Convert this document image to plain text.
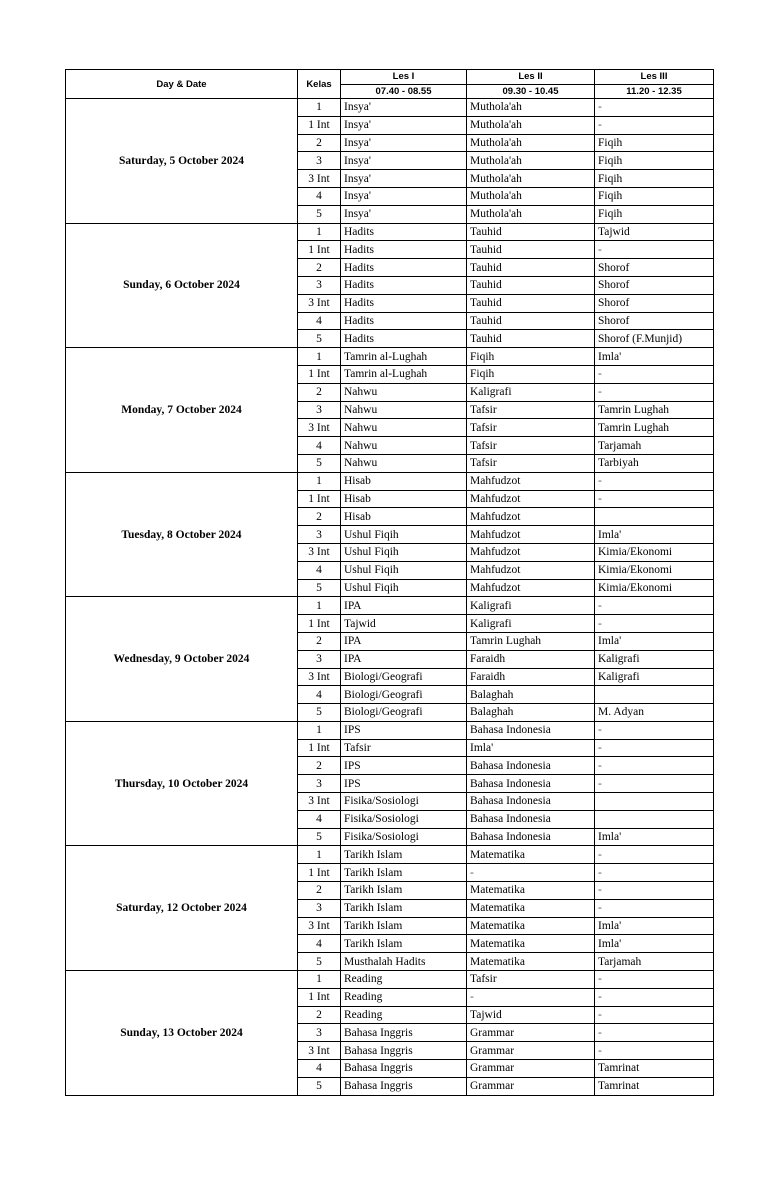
Day & Date	Kelas	Les I	Les II	Les III
		07.40 - 08.55	09.30 - 10.45	11.20 - 12.35
Saturday, 5 October 2024	1	Insya'	Muthola'ah	-
	1 Int	Insya'	Muthola'ah	-
	2	Insya'	Muthola'ah	Fiqih
	3	Insya'	Muthola'ah	Fiqih
	3 Int	Insya'	Muthola'ah	Fiqih
	4	Insya'	Muthola'ah	Fiqih
	5	Insya'	Muthola'ah	Fiqih
Sunday, 6 October 2024	1	Hadits	Tauhid	Tajwid
	1 Int	Hadits	Tauhid	-
	2	Hadits	Tauhid	Shorof
	3	Hadits	Tauhid	Shorof
	3 Int	Hadits	Tauhid	Shorof
	4	Hadits	Tauhid	Shorof
	5	Hadits	Tauhid	Shorof (F.Munjid)
Monday, 7 October 2024	1	Tamrin al-Lughah	Fiqih	Imla'
	1 Int	Tamrin al-Lughah	Fiqih	-
	2	Nahwu	Kaligrafi	-
	3	Nahwu	Tafsir	Tamrin Lughah
	3 Int	Nahwu	Tafsir	Tamrin Lughah
	4	Nahwu	Tafsir	Tarjamah
	5	Nahwu	Tafsir	Tarbiyah
Tuesday, 8 October 2024	1	Hisab	Mahfudzot	-
	1 Int	Hisab	Mahfudzot	-
	2	Hisab	Mahfudzot	
	3	Ushul Fiqih	Mahfudzot	Imla'
	3 Int	Ushul Fiqih	Mahfudzot	Kimia/Ekonomi
	4	Ushul Fiqih	Mahfudzot	Kimia/Ekonomi
	5	Ushul Fiqih	Mahfudzot	Kimia/Ekonomi
Wednesday, 9 October 2024	1	IPA	Kaligrafi	-
	1 Int	Tajwid	Kaligrafi	-
	2	IPA	Tamrin Lughah	Imla'
	3	IPA	Faraidh	Kaligrafi
	3 Int	Biologi/Geografi	Faraidh	Kaligrafi
	4	Biologi/Geografi	Balaghah	
	5	Biologi/Geografi	Balaghah	M. Adyan
Thursday, 10 October 2024	1	IPS	Bahasa Indonesia	-
	1 Int	Tafsir	Imla'	-
	2	IPS	Bahasa Indonesia	-
	3	IPS	Bahasa Indonesia	-
	3 Int	Fisika/Sosiologi	Bahasa Indonesia	
	4	Fisika/Sosiologi	Bahasa Indonesia	
	5	Fisika/Sosiologi	Bahasa Indonesia	Imla'
Saturday, 12 October 2024	1	Tarikh Islam	Matematika	-
	1 Int	Tarikh Islam	-	-
	2	Tarikh Islam	Matematika	-
	3	Tarikh Islam	Matematika	-
	3 Int	Tarikh Islam	Matematika	Imla'
	4	Tarikh Islam	Matematika	Imla'
	5	Musthalah Hadits	Matematika	Tarjamah
Sunday, 13 October 2024	1	Reading	Tafsir	-
	1 Int	Reading	-	-
	2	Reading	Tajwid	-
	3	Bahasa Inggris	Grammar	-
	3 Int	Bahasa Inggris	Grammar	-
	4	Bahasa Inggris	Grammar	Tamrinat
	5	Bahasa Inggris	Grammar	Tamrinat
